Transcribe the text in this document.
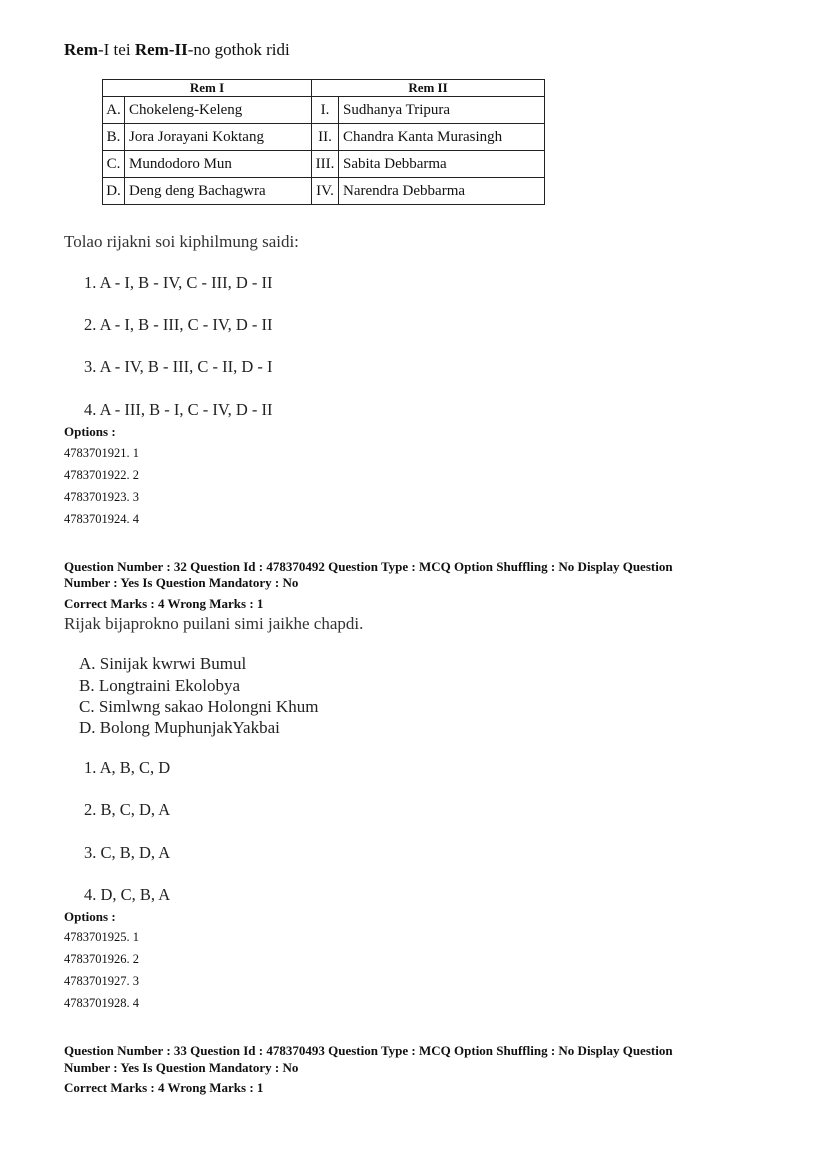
Rem-I tei Rem-II-no gothok ridi
Rem I		Rem II	
A.	Chokeleng-Keleng	I.	Sudhanya Tripura
B.	Jora Jorayani Koktang	II.	Chandra Kanta Murasingh
C.	Mundodoro Mun	III.	Sabita Debbarma
D.	Deng deng Bachagwra	IV.	Narendra Debbarma
Tolao rijakni soi kiphilmung saidi:
1. A - I, B - IV, C - III, D - II
2. A - I, B - III, C - IV, D - II
3. A - IV, B - III, C - II, D - I
4. A - III, B - I, C - IV, D - II
Options :
4783701921. 1
4783701922. 2
4783701923. 3
4783701924. 4
Question Number : 32 Question Id : 478370492 Question Type : MCQ Option Shuffling : No Display Question
Number : Yes Is Question Mandatory : No
Correct Marks : 4 Wrong Marks : 1
Rijak bijaprokno puilani simi jaikhe chapdi.
A. Sinijak kwrwi Bumul
B. Longtraini Ekolobya
C. Simlwng sakao Holongni Khum
D. Bolong MuphunjakYakbai
1. A, B, C, D
2. B, C, D, A
3. C, B, D, A
4. D, C, B, A
Options :
4783701925. 1
4783701926. 2
4783701927. 3
4783701928. 4
Question Number : 33 Question Id : 478370493 Question Type : MCQ Option Shuffling : No Display Question
Number : Yes Is Question Mandatory : No
Correct Marks : 4 Wrong Marks : 1
